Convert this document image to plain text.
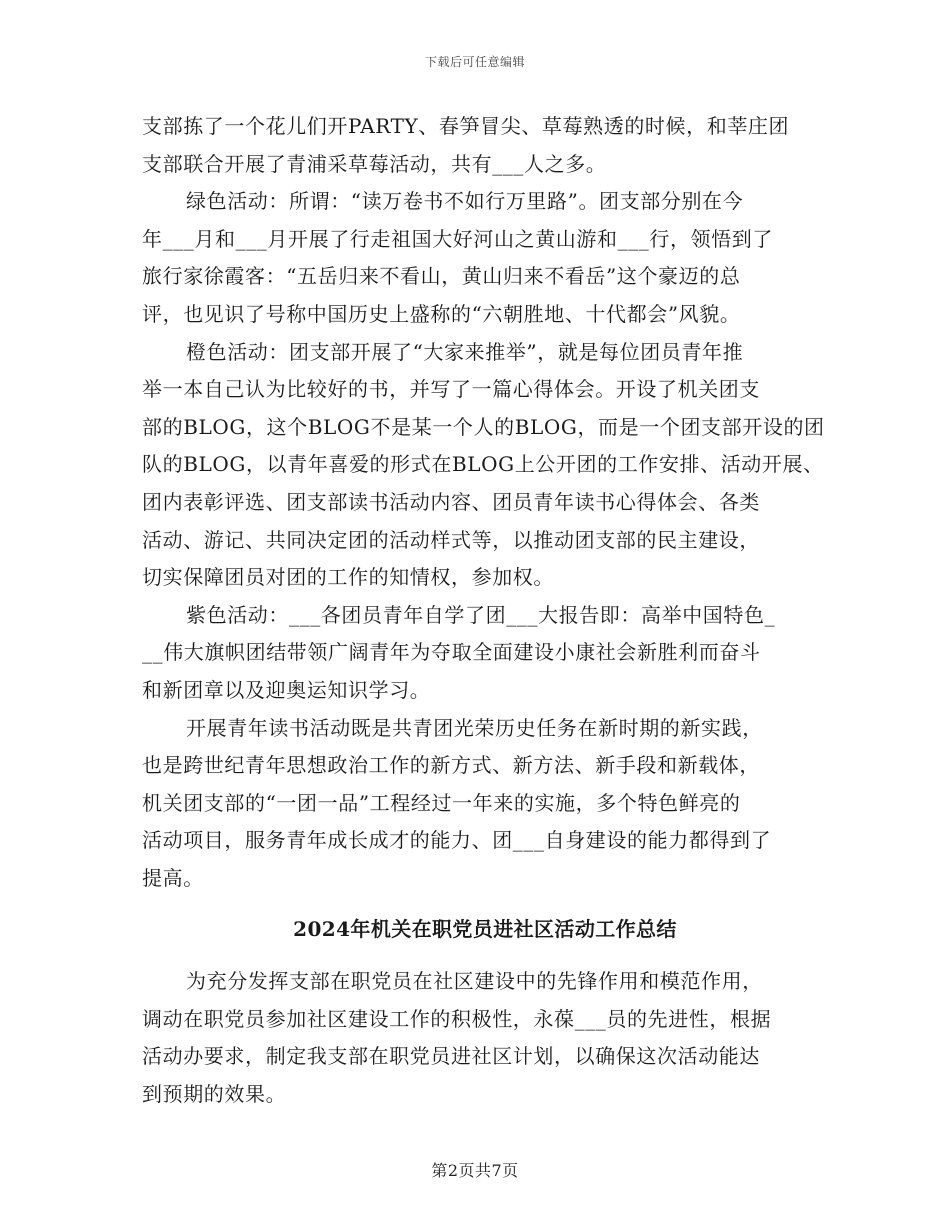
下载后可任意编辑
支部拣了一个花儿们开PARTY、春笋冒尖、草莓熟透的时候，和莘庄团
支部联合开展了青浦采草莓活动，共有___人之多。
绿色活动：所谓：“读万卷书不如行万里路”。团支部分别在今
年___月和___月开展了行走祖国大好河山之黄山游和___行，领悟到了
旅行家徐霞客：“五岳归来不看山，黄山归来不看岳”这个豪迈的总
评，也见识了号称中国历史上盛称的“六朝胜地、十代都会”风貌。
橙色活动：团支部开展了“大家来推举”，就是每位团员青年推
举一本自己认为比较好的书，并写了一篇心得体会。开设了机关团支
部的BLOG，这个BLOG不是某一个人的BLOG，而是一个团支部开设的团
队的BLOG，以青年喜爱的形式在BLOG上公开团的工作安排、活动开展、
团内表彰评选、团支部读书活动内容、团员青年读书心得体会、各类
活动、游记、共同决定团的活动样式等，以推动团支部的民主建设，
切实保障团员对团的工作的知情权，参加权。
紫色活动：___各团员青年自学了团___大报告即：高举中国特色_
__伟大旗帜团结带领广阔青年为夺取全面建设小康社会新胜利而奋斗
和新团章以及迎奥运知识学习。
开展青年读书活动既是共青团光荣历史任务在新时期的新实践，
也是跨世纪青年思想政治工作的新方式、新方法、新手段和新载体，
机关团支部的“一团一品”工程经过一年来的实施，多个特色鲜亮的
活动项目，服务青年成长成才的能力、团___自身建设的能力都得到了
提高。
2024年机关在职党员进社区活动工作总结
为充分发挥支部在职党员在社区建设中的先锋作用和模范作用，
调动在职党员参加社区建设工作的积极性，永葆___员的先进性，根据
活动办要求，制定我支部在职党员进社区计划，以确保这次活动能达
到预期的效果。
第2页共7页
